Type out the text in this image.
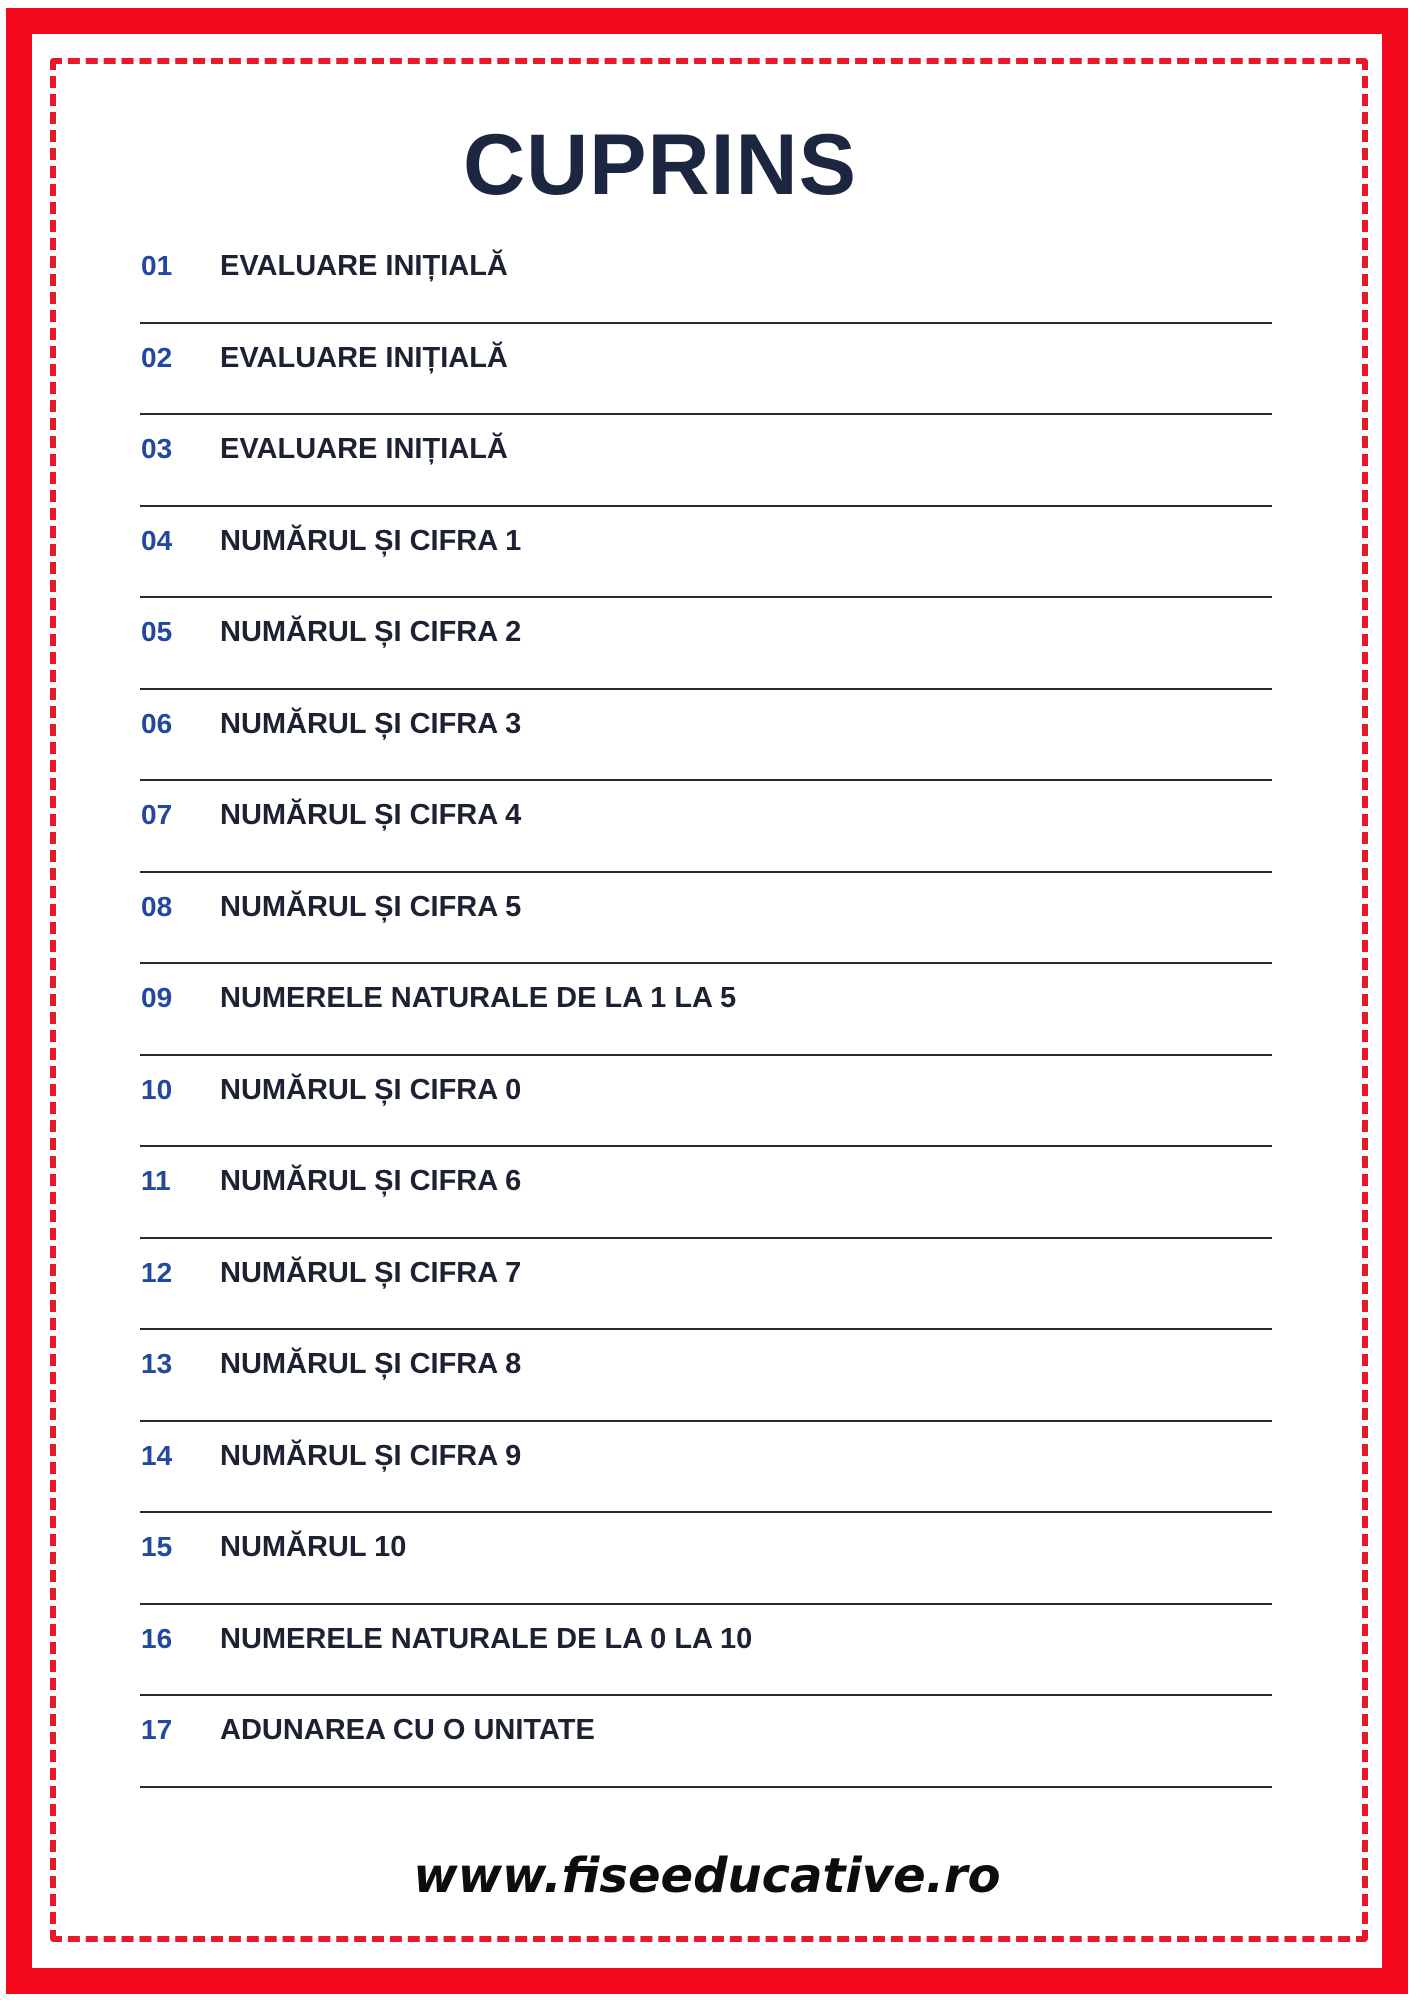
CUPRINS
01 EVALUARE INIȚIALĂ
02 EVALUARE INIȚIALĂ
03 EVALUARE INIȚIALĂ
04 NUMĂRUL ȘI CIFRA 1
05 NUMĂRUL ȘI CIFRA 2
06 NUMĂRUL ȘI CIFRA 3
07 NUMĂRUL ȘI CIFRA 4
08 NUMĂRUL ȘI CIFRA 5
09 NUMERELE NATURALE DE LA 1 LA 5
10 NUMĂRUL ȘI CIFRA 0
11 NUMĂRUL ȘI CIFRA 6
12 NUMĂRUL ȘI CIFRA 7
13 NUMĂRUL ȘI CIFRA 8
14 NUMĂRUL ȘI CIFRA 9
15 NUMĂRUL 10
16 NUMERELE NATURALE DE LA 0 LA 10
17 ADUNAREA CU O UNITATE

www.fiseeducative.ro
